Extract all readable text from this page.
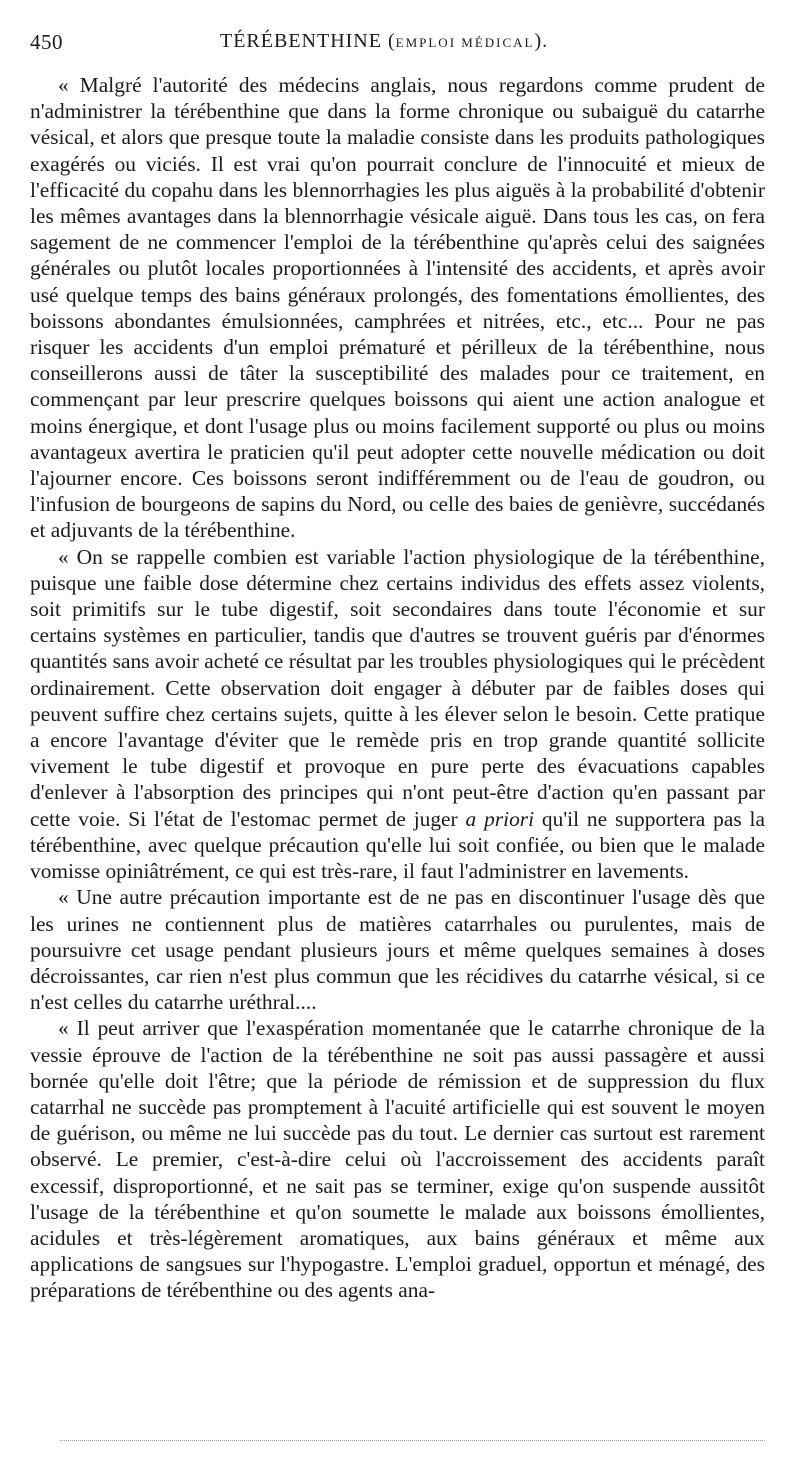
450	TÉRÉBENTHINE (EMPLOI MÉDICAL).

« Malgré l'autorité des médecins anglais, nous regardons comme prudent de n'administrer la térébenthine que dans la forme chronique ou subaiguë du catarrhe vésical, et alors que presque toute la maladie consiste dans les produits pathologiques exagérés ou viciés. Il est vrai qu'on pourrait conclure de l'innocuité et mieux de l'efficacité du copahu dans les blennorrhagies les plus aiguës à la probabilité d'obtenir les mêmes avantages dans la blennorrhagie vésicale aiguë. Dans tous les cas, on fera sagement de ne commencer l'emploi de la térébenthine qu'après celui des saignées générales ou plutôt locales proportionnées à l'intensité des accidents, et après avoir usé quelque temps des bains généraux prolongés, des fomentations émollientes, des boissons abondantes émulsionnées, camphrées et nitrées, etc., etc... Pour ne pas risquer les accidents d'un emploi prématuré et périlleux de la térébenthine, nous conseillerons aussi de tâter la susceptibilité des malades pour ce traitement, en commençant par leur prescrire quelques boissons qui aient une action analogue et moins énergique, et dont l'usage plus ou moins facilement supporté ou plus ou moins avantageux avertira le praticien qu'il peut adopter cette nouvelle médication ou doit l'ajourner encore. Ces boissons seront indifféremment ou de l'eau de goudron, ou l'infusion de bourgeons de sapins du Nord, ou celle des baies de genièvre, succédanés et adjuvants de la térébenthine.

« On se rappelle combien est variable l'action physiologique de la térébenthine, puisque une faible dose détermine chez certains individus des effets assez violents, soit primitifs sur le tube digestif, soit secondaires dans toute l'économie et sur certains systèmes en particulier, tandis que d'autres se trouvent guéris par d'énormes quantités sans avoir acheté ce résultat par les troubles physiologiques qui le précèdent ordinairement. Cette observation doit engager à débuter par de faibles doses qui peuvent suffire chez certains sujets, quitte à les élever selon le besoin. Cette pratique a encore l'avantage d'éviter que le remède pris en trop grande quantité sollicite vivement le tube digestif et provoque en pure perte des évacuations capables d'enlever à l'absorption des principes qui n'ont peut-être d'action qu'en passant par cette voie. Si l'état de l'estomac permet de juger a priori qu'il ne supportera pas la térébenthine, avec quelque précaution qu'elle lui soit confiée, ou bien que le malade vomisse opiniâtrément, ce qui est très-rare, il faut l'administrer en lavements.

« Une autre précaution importante est de ne pas en discontinuer l'usage dès que les urines ne contiennent plus de matières catarrhales ou purulentes, mais de poursuivre cet usage pendant plusieurs jours et même quelques semaines à doses décroissantes, car rien n'est plus commun que les récidives du catarrhe vésical, si ce n'est celles du catarrhe uréthral....

« Il peut arriver que l'exaspération momentanée que le catarrhe chronique de la vessie éprouve de l'action de la térébenthine ne soit pas aussi passagère et aussi bornée qu'elle doit l'être; que la période de rémission et de suppression du flux catarrhal ne succède pas promptement à l'acuité artificielle qui est souvent le moyen de guérison, ou même ne lui succède pas du tout. Le dernier cas surtout est rarement observé. Le premier, c'est-à-dire celui où l'accroissement des accidents paraît excessif, disproportionné, et ne sait pas se terminer, exige qu'on suspende aussitôt l'usage de la térébenthine et qu'on soumette le malade aux boissons émollientes, acidules et très-légèrement aromatiques, aux bains généraux et même aux applications de sangsues sur l'hypogastre. L'emploi graduel, opportun et ménagé, des préparations de térébenthine ou des agents ana-
